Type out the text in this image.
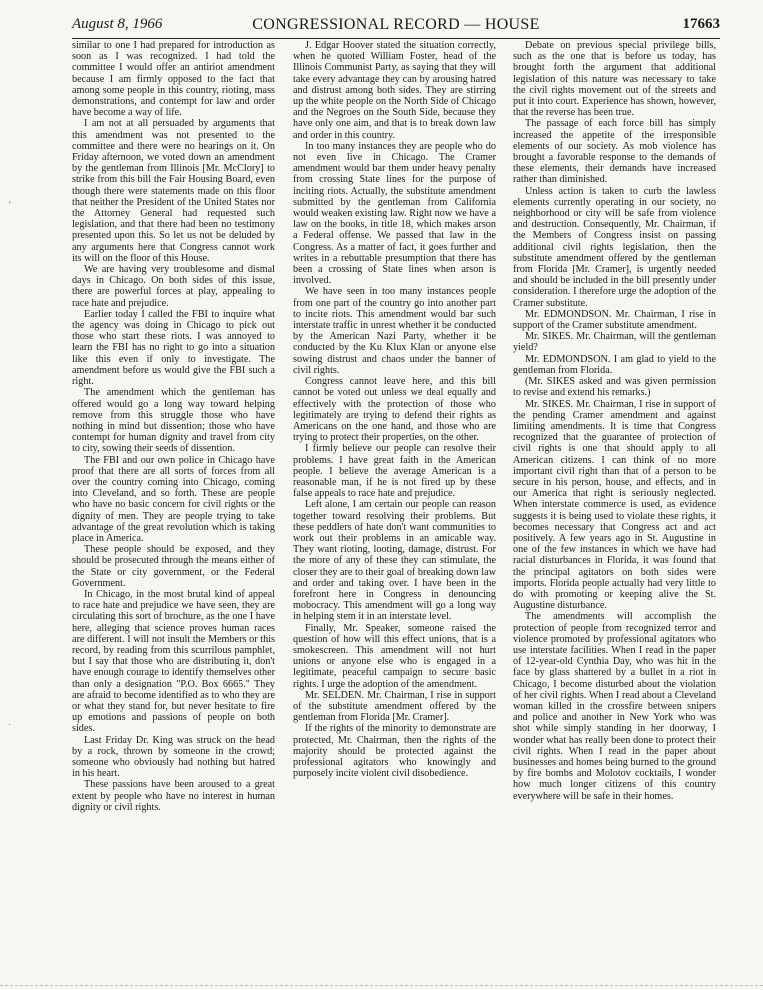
August 8, 1966	CONGRESSIONAL RECORD — HOUSE	17663

similar to one I had prepared for introduction as soon as I was recognized. I had told the committee I would offer an antiriot amendment because I am firmly opposed to the fact that among some people in this country, rioting, mass demonstrations, and contempt for law and order have become a way of life.

I am not at all persuaded by arguments that this amendment was not presented to the committee and there were no hearings on it. On Friday afternoon, we voted down an amendment by the gentleman from Illinois [Mr. McClory] to strike from this bill the Fair Housing Board, even though there were statements made on this floor that neither the President of the United States nor the Attorney General had requested such legislation, and that there had been no testimony presented upon this. So let us not be deluded by any arguments here that Congress cannot work its will on the floor of this House.

We are having very troublesome and dismal days in Chicago. On both sides of this issue, there are powerful forces at play, appealing to race hate and prejudice.

Earlier today I called the FBI to inquire what the agency was doing in Chicago to pick out those who start these riots. I was annoyed to learn the FBI has no right to go into a situation like this even if only to investigate. The amendment before us would give the FBI such a right.

The amendment which the gentleman has offered would go a long way toward helping remove from this struggle those who have nothing in mind but dissention; those who have contempt for human dignity and travel from city to city, sowing their seeds of dissention.

The FBI and our own police in Chicago have proof that there are all sorts of forces from all over the country coming into Chicago, coming into Cleveland, and so forth. These are people who have no basic concern for civil rights or the dignity of men. They are people trying to take advantage of the great revolution which is taking place in America.

These people should be exposed, and they should be prosecuted through the means either of the State or city government, or the Federal Government.

In Chicago, in the most brutal kind of appeal to race hate and prejudice we have seen, they are circulating this sort of brochure, as the one I have here, alleging that science proves human races are different. I will not insult the Members or this record, by reading from this scurrilous pamphlet, but I say that those who are distributing it, don't have enough courage to identify themselves other than only a designation "P.O. Box 6665." They are afraid to become identified as to who they are or what they stand for, but never hesitate to fire up emotions and passions of people on both sides.

Last Friday Dr. King was struck on the head by a rock, thrown by someone in the crowd; someone who obviously had nothing but hatred in his heart.

These passions have been aroused to a great extent by people who have no interest in human dignity or civil rights.

J. Edgar Hoover stated the situation correctly, when he quoted William Foster, head of the Illinois Communist Party, as saying that they will take every advantage they can by arousing hatred and distrust among both sides. They are stirring up the white people on the North Side of Chicago and the Negroes on the South Side, because they have only one aim, and that is to break down law and order in this country.

In too many instances they are people who do not even live in Chicago. The Cramer amendment would bar them under heavy penalty from crossing State lines for the purpose of inciting riots. Actually, the substitute amendment submitted by the gentleman from California would weaken existing law. Right now we have a law on the books, in title 18, which makes arson a Federal offense. We passed that law in the Congress. As a matter of fact, it goes further and writes in a rebuttable presumption that there has been a crossing of State lines when arson is involved.

We have seen in too many instances people from one part of the country go into another part to incite riots. This amendment would bar such interstate traffic in unrest whether it be conducted by the American Nazi Party, whether it be conducted by the Ku Klux Klan or anyone else sowing distrust and chaos under the banner of civil rights.

Congress cannot leave here, and this bill cannot be voted out unless we deal equally and effectively with the protection of those who legitimately are trying to defend their rights as Americans on the one hand, and those who are trying to protect their properties, on the other.

I firmly believe our people can resolve their problems. I have great faith in the American people. I believe the average American is a reasonable man, if he is not fired up by these false appeals to race hate and prejudice.

Left alone, I am certain our people can reason together toward resolving their problems. But these peddlers of hate don't want communities to work out their problems in an amicable way. They want rioting, looting, damage, distrust. For the more of any of these they can stimulate, the closer they are to their goal of breaking down law and order and taking over. I have been in the forefront here in Congress in denouncing mobocracy. This amendment will go a long way in helping stem it in an interstate level.

Finally, Mr. Speaker, someone raised the question of how will this effect unions, that is a smokescreen. This amendment will not hurt unions or anyone else who is engaged in a legitimate, peaceful campaign to secure basic rights. I urge the adoption of the amendment.

Mr. SELDEN. Mr. Chairman, I rise in support of the substitute amendment offered by the gentleman from Florida [Mr. Cramer].

If the rights of the minority to demonstrate are protected, Mr. Chairman, then the rights of the majority should be protected against the professional agitators who knowingly and purposely incite violent civil disobedience.

Debate on previous special privilege bills, such as the one that is before us today, has brought forth the argument that additional legislation of this nature was necessary to take the civil rights movement out of the streets and put it into court. Experience has shown, however, that the reverse has been true.

The passage of each force bill has simply increased the appetite of the irresponsible elements of our society. As mob violence has brought a favorable response to the demands of these elements, their demands have increased rather than diminished.

Unless action is taken to curb the lawless elements currently operating in our society, no neighborhood or city will be safe from violence and destruction. Consequently, Mr. Chairman, if the Members of Congress insist on passing additional civil rights legislation, then the substitute amendment offered by the gentleman from Florida [Mr. Cramer], is urgently needed and should be included in the bill presently under consideration. I therefore urge the adoption of the Cramer substitute.

Mr. EDMONDSON. Mr. Chairman, I rise in support of the Cramer substitute amendment.

Mr. SIKES. Mr. Chairman, will the gentleman yield?

Mr. EDMONDSON. I am glad to yield to the gentleman from Florida.

(Mr. SIKES asked and was given permission to revise and extend his remarks.)

Mr. SIKES. Mr. Chairman, I rise in support of the pending Cramer amendment and against limiting amendments. It is time that Congress recognized that the guarantee of protection of civil rights is one that should apply to all American citizens. I can think of no more important civil right than that of a person to be secure in his person, house, and effects, and in our America that right is seriously neglected. When interstate commerce is used, as evidence suggests it is being used to violate these rights, it becomes necessary that Congress act and act positively. A few years ago in St. Augustine in one of the few instances in which we have had racial disturbances in Florida, it was found that the principal agitators on both sides were imports. Florida people actually had very little to do with promoting or keeping alive the St. Augustine disturbance.

The amendments will accomplish the protection of people from recognized terror and violence promoted by professional agitators who use interstate facilities. When I read in the paper of 12-year-old Cynthia Day, who was hit in the face by glass shattered by a bullet in a riot in Chicago, I become disturbed about the violation of her civil rights. When I read about a Cleveland woman killed in the crossfire between snipers and police and another in New York who was shot while simply standing in her doorway, I wonder what has really been done to protect their civil rights. When I read in the paper about businesses and homes being burned to the ground by fire bombs and Molotov cocktails, I wonder how much longer citizens of this country everywhere will be safe in their homes.

‘
·
